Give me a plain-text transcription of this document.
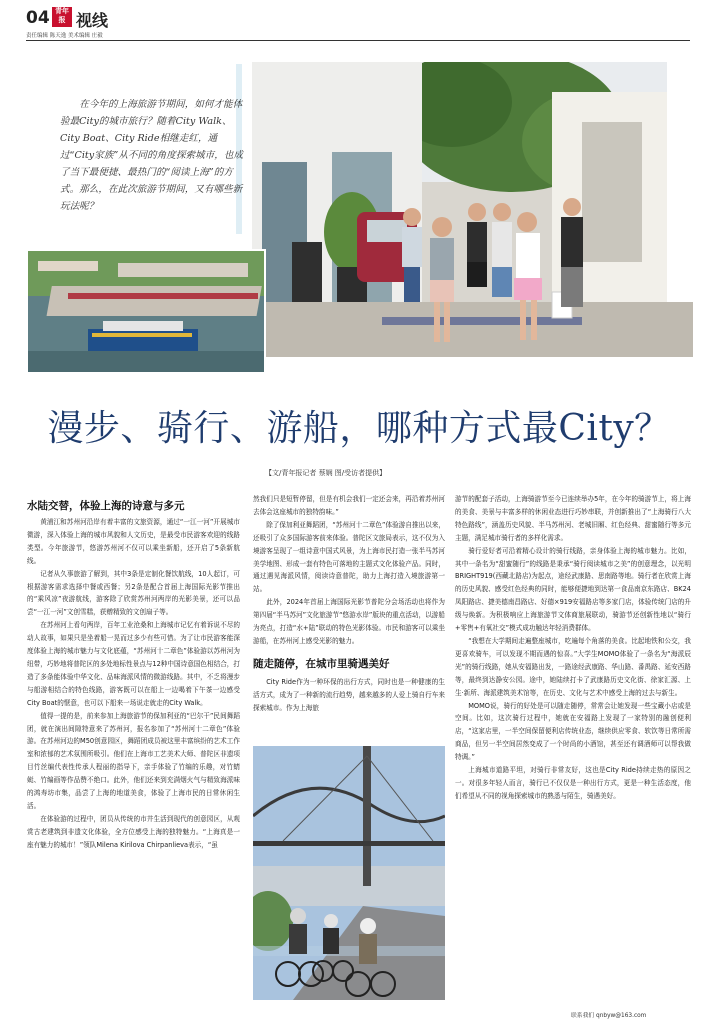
04 青年报 视线
责任编辑 陈天逸 美术编辑 庄毅
在今年的上海旅游节期间，如何才能体验最City的城市旅行？随着City Walk、City Boat、City Ride相继走红，通过“City家族”从不同的角度探索城市，也成了当下最便捷、最热门的“阅读上海”的方式。那么，在此次旅游节期间，又有哪些新玩法呢？
漫步、骑行、游船，哪种方式最City？
【文/青年报记者 蔡娴 图/受访者提供】
水陆交替，体验上海的诗意与多元

黄浦江和苏州河沿岸有着丰富的文旅资源，通过“一江一河”开展城市微游，深入体验上海的城市风貌和人文历史，是最受市民游客欢迎的线路类型。今年旅游节，悠游苏州河不仅可以乘坐新船，还开启了5条新航线。

记者从久事旅游了解到，其中3条是定制化餐饮航线，10人起订，可根据游客需求选择中餐或西餐；另2条是配合首届上海国际光影节推出的“乘风凉”夜游航线，游客除了欣赏苏州河两岸的光影美景，还可以品尝“一江一河”文创雪糕，获赠精致的文创扇子等。

在苏州河上看句两岸，百年工业沧桑和上海城市记忆有着诉说不尽的动人故事，如果只是坐着船一晃而过多少有些可惜。为了让市民游客能深度体验上海的城市魅力与文化底蕴，“苏州河十二章色”体验游以苏州河为纽带，巧妙地将普陀区的多处地标性景点与12种中国诗意国色相结合，打造了多条能体验中华文化、品味海派风情的微游线路。其中，不乏将漫步与船游相结合的特色线路，游客既可以在船上一边喝着下午茶一边感受City Boat的惬意，也可以下船来一场说走就走的City Walk。

值得一提的是，前来参加上海旅游节的保加利亚的“巴尔干”民间舞蹈团，就在演出间隙特意来了苏州河，报名参加了“苏州河十二章色”体验游。在苏州河边的M50创意园区，舞蹈团成员被这里丰富缤纷的艺术工作室和浓郁的艺术氛围所吸引。他们在上海市工艺美术大师、普陀区非遗项目竹丝编代表性传承人程丽的指导下，亲手体验了竹编的乐趣，对竹蜻蜓、竹编画等作品赞不绝口。此外，他们还来到充满烟火气与精致海派味的鸿寿坊市集，品尝了上海的地道美食，体验了上海市民的日常休闲生活。

在体验游的过程中，团员从传统的市井生活到现代的创意园区，从观赏古老建筑到非遗文化体验，全方位感受上海的独特魅力。“上海真是一座有魅力的城市！”领队Milena Kirilova Chirpanlieva表示，“虽

然我们只是短暂停留，但是有机会我们一定还会来，再沿着苏州河去体会这座城市的独特韵味。”

除了保加利亚舞蹈团，“苏州河十二章色”体验游自推出以来，还吸引了众多国际游客前来体验。普陀区文旅局表示，这不仅为入境游客呈现了一组诗意中国式风景，为上海市民打造一张半马苏河美学地图、形成一套有特色可落地的主题式文化体验产品。同时，通过遇见海派风情，阅读诗意普陀，助力上海打造入境旅游第一站。

此外，2024年首届上海国际光影节普陀分会场活动也将作为第四届“半马苏河”文化旅游节“悠游水岸”版块的重点活动，以游船为亮点，打造“水+陆”联动的特色光影体验。市民和游客可以乘坐游船，在苏州河上感受光影的魅力。

随走随停，在城市里骑遇美好

City Ride作为一种环保的出行方式，同时也是一种健康的生活方式，成为了一种新的流行趋势，越来越多的人爱上骑自行车来探索城市。作为上海旅

游节的配套子活动，上海骑游节至今已连续举办5年，在今年的骑游节上，将上海的美食、美景与丰富多样的休闲业态进行巧妙串联，并创新推出了“上海骑行八大特色路线”，涵盖历史风貌、半马苏州河、老城旧厢、红色经典、甜蜜随行等多元主题，满足城市骑行者的多样化需求。

骑行爱好者可沿着精心设计的骑行线路，亲身体验上海的城市魅力。比如，其中一条名为“甜蜜随行”的线路是秉承“骑行阅读城市之美”的创意理念，以光明BRIGHT919(西藏北路店)为起点，途经武康路、思南路等地。骑行者在欣赏上海的历史风貌、感受红色经典的同时，能够便捷地到达第一食品南京东路店、BK24凤阳路店、捷美德南昌路店、好德×919安福路店等多家门店，体验传统门店的升级与焕新。为积极响应上海旅游节文体商旅展联动，骑游节还创新性地以“骑行+零售+有氧社交”模式成功触达年轻消费群体。

“我想在大学期间走遍整座城市，吃遍每个角落的美食。比起地铁和公交，我更喜欢骑车，可以发现不期而遇的惊喜。”大学生MOMO体验了一条名为“海派辰光”的骑行线路，她从安福路出发，一路途经武康路、华山路、番禺路、延安西路等，最终到达静安公园。途中，她陆续打卡了武康路历史文化街、徐家汇源、上生·新所、海派建筑美术馆等，在历史、文化与艺术中感受上海的过去与新生。

MOMO说，骑行的好处是可以随走随停，常常会让她发现一些宝藏小店或是空间。比如，这次骑行过程中，她就在安福路上发现了一家特别的融创便利店，“这家店里，一半空间保留便利店传统业态，继续供应零食、软饮等日常所需商品，但另一半空间居然变成了一个时尚的小酒馆，甚至还有调酒师可以帮我做特调。”

上海城市道路平坦，对骑行非常友好，这也是City Ride持续走热的原因之一。对很多年轻人而言，骑行已不仅仅是一种出行方式，更是一种生活态度，他们希望从不同的视角探索城市的熟悉与陌生，骑遇美好。

联系我们 qnbyw@163.com
